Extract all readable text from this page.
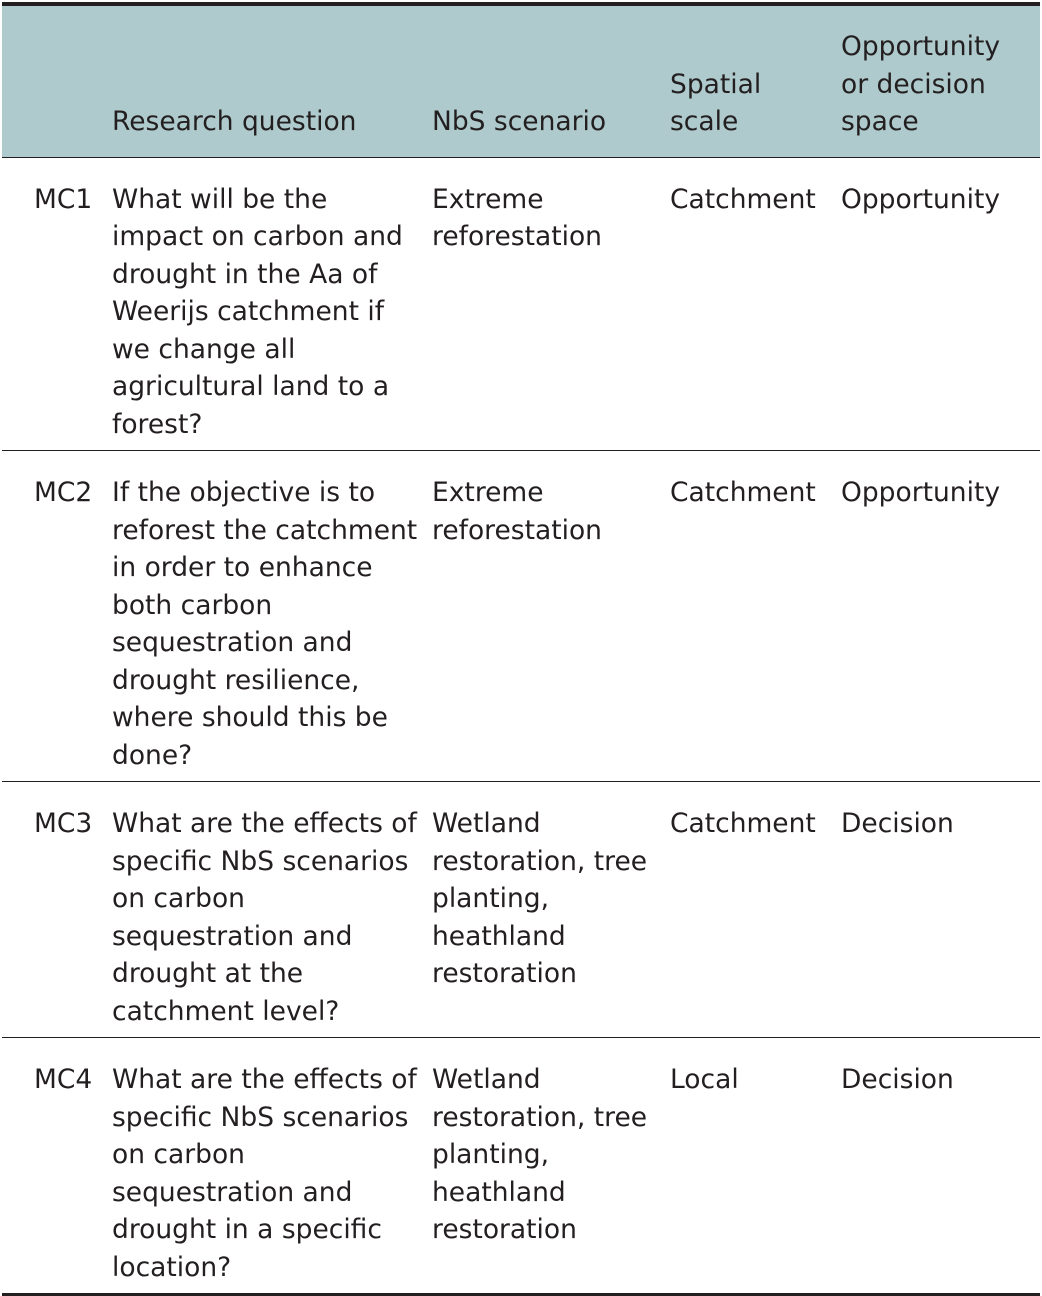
	Research question	NbS scenario	Spatial scale	Opportunity or decision space
MC1	What will be the impact on carbon and drought in the Aa of Weerijs catchment if we change all agricultural land to a forest?	Extreme reforestation	Catchment	Opportunity
MC2	If the objective is to reforest the catchment in order to enhance both carbon sequestration and drought resilience, where should this be done?	Extreme reforestation	Catchment	Opportunity
MC3	What are the effects of specific NbS scenarios on carbon sequestration and drought at the catchment level?	Wetland restoration, tree planting, heathland restoration	Catchment	Decision
MC4	What are the effects of specific NbS scenarios on carbon sequestration and drought in a specific location?	Wetland restoration, tree planting, heathland restoration	Local	Decision
